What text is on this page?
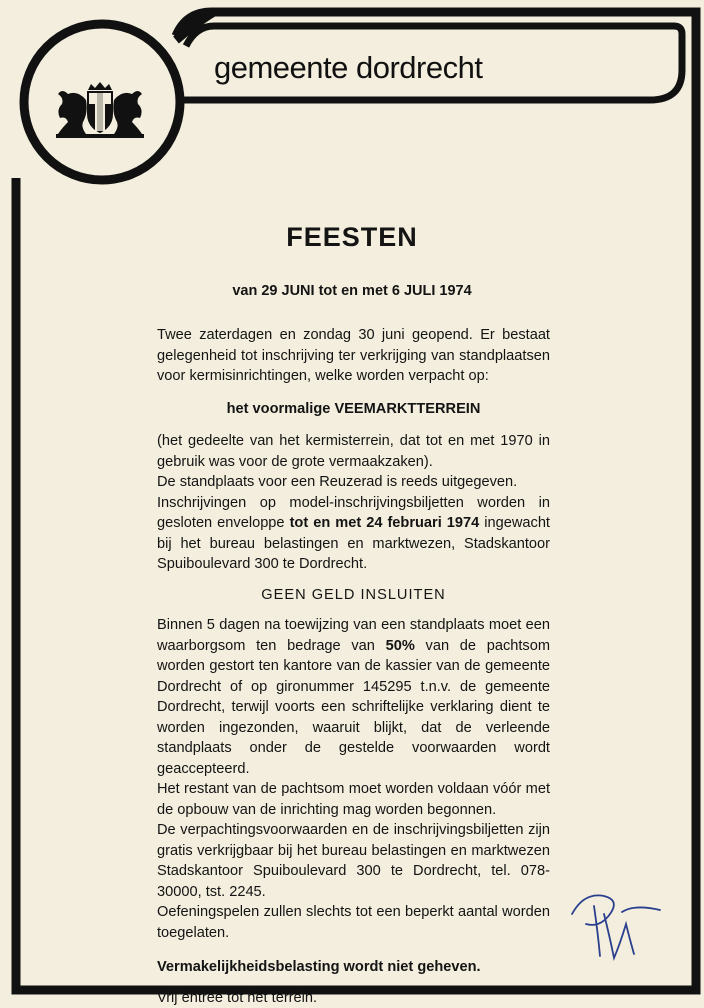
gemeente dordrecht
FEESTEN
van 29 JUNI tot en met 6 JULI 1974

Twee zaterdagen en zondag 30 juni geopend. Er bestaat gelegenheid tot inschrijving ter verkrijging van standplaatsen voor kermisinrichtingen, welke worden verpacht op:

het voormalige VEEMARKTTERREIN

(het gedeelte van het kermisterrein, dat tot en met 1970 in gebruik was voor de grote vermaakzaken).

De standplaats voor een Reuzerad is reeds uitgegeven.

Inschrijvingen op model-inschrijvingsbiljetten worden in gesloten enveloppe tot en met 24 februari 1974 ingewacht bij het bureau belastingen en marktwezen, Stadskantoor Spuiboulevard 300 te Dordrecht.

GEEN GELD INSLUITEN

Binnen 5 dagen na toewijzing van een standplaats moet een waarborgsom ten bedrage van 50% van de pachtsom worden gestort ten kantore van de kassier van de gemeente Dordrecht of op gironummer 145295 t.n.v. de gemeente Dordrecht, terwijl voorts een schriftelijke verklaring dient te worden ingezonden, waaruit blijkt, dat de verleende standplaats onder de gestelde voorwaarden wordt geaccepteerd.

Het restant van de pachtsom moet worden voldaan vóór met de opbouw van de inrichting mag worden begonnen.

De verpachtingsvoorwaarden en de inschrijvingsbiljetten zijn gratis verkrijgbaar bij het bureau belastingen en marktwezen Stadskantoor Spuiboulevard 300 te Dordrecht, tel. 078-30000, tst. 2245.

Oefeningspelen zullen slechts tot een beperkt aantal worden toegelaten.

Vermakelijkheidsbelasting wordt niet geheven.

Vrij entree tot het terrein.
